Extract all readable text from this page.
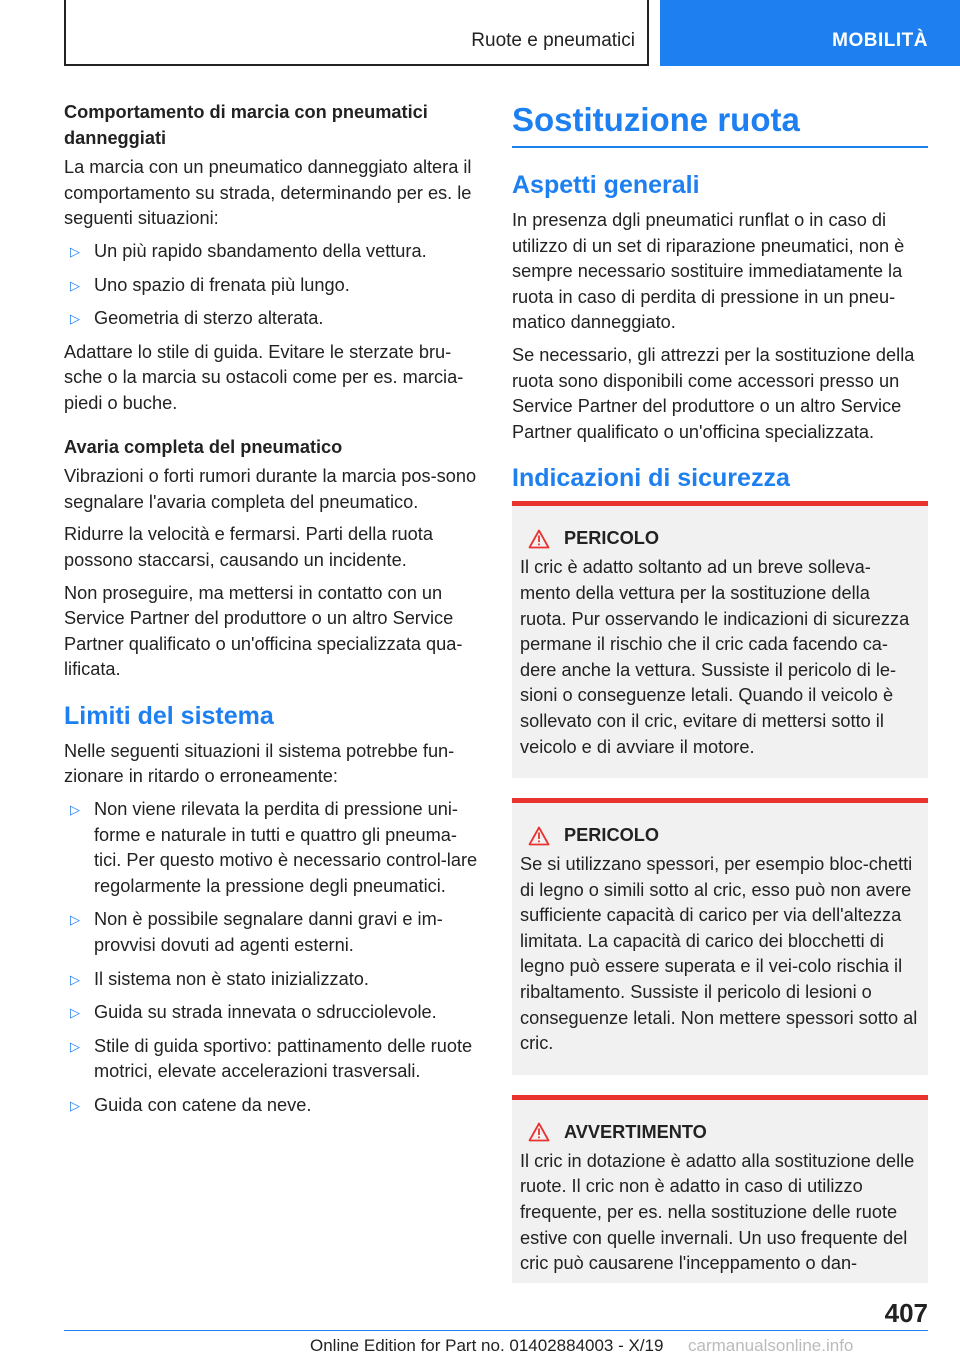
Ruote e pneumatici	MOBILITÀ
Comportamento di marcia con pneumatici danneggiati
La marcia con un pneumatico danneggiato altera il comportamento su strada, determinando per es. le seguenti situazioni:
▷ Un più rapido sbandamento della vettura.
▷ Uno spazio di frenata più lungo.
▷ Geometria di sterzo alterata.
Adattare lo stile di guida. Evitare le sterzate bru-sche o la marcia su ostacoli come per es. marcia-piedi o buche.
Avaria completa del pneumatico
Vibrazioni o forti rumori durante la marcia pos-sono segnalare l'avaria completa del pneumatico.
Ridurre la velocità e fermarsi. Parti della ruota possono staccarsi, causando un incidente.
Non proseguire, ma mettersi in contatto con un Service Partner del produttore o un altro Service Partner qualificato o un'officina specializzata qua-lificata.
Limiti del sistema
Nelle seguenti situazioni il sistema potrebbe fun-zionare in ritardo o erroneamente:
▷ Non viene rilevata la perdita di pressione uni-forme e naturale in tutti e quattro gli pneuma-tici. Per questo motivo è necessario control-lare regolarmente la pressione degli pneumatici.
▷ Non è possibile segnalare danni gravi e im-provvisi dovuti ad agenti esterni.
▷ Il sistema non è stato inizializzato.
▷ Guida su strada innevata o sdrucciolevole.
▷ Stile di guida sportivo: pattinamento delle ruote motrici, elevate accelerazioni trasversali.
▷ Guida con catene da neve.
Sostituzione ruota
Aspetti generali
In presenza dgli pneumatici runflat o in caso di utilizzo di un set di riparazione pneumatici, non è sempre necessario sostituire immediatamente la ruota in caso di perdita di pressione in un pneu-matico danneggiato.
Se necessario, gli attrezzi per la sostituzione della ruota sono disponibili come accessori presso un Service Partner del produttore o un altro Service Partner qualificato o un'officina specializzata.
Indicazioni di sicurezza
PERICOLO
Il cric è adatto soltanto ad un breve solleva-mento della vettura per la sostituzione della ruota. Pur osservando le indicazioni di sicurezza permane il rischio che il cric cada facendo ca-dere anche la vettura. Sussiste il pericolo di le-sioni o conseguenze letali. Quando il veicolo è sollevato con il cric, evitare di mettersi sotto il veicolo e di avviare il motore.
PERICOLO
Se si utilizzano spessori, per esempio bloc-chetti di legno o simili sotto al cric, esso può non avere sufficiente capacità di carico per via dell'altezza limitata. La capacità di carico dei blocchetti di legno può essere superata e il vei-colo rischia il ribaltamento. Sussiste il pericolo di lesioni o conseguenze letali. Non mettere spessori sotto al cric.
AVVERTIMENTO
Il cric in dotazione è adatto alla sostituzione delle ruote. Il cric non è adatto in caso di utilizzo frequente, per es. nella sostituzione delle ruote estive con quelle invernali. Un uso frequente del cric può causarene l'inceppamento o dan-
407
Online Edition for Part no. 01402884003 - X/19 carmanualsonline.info
